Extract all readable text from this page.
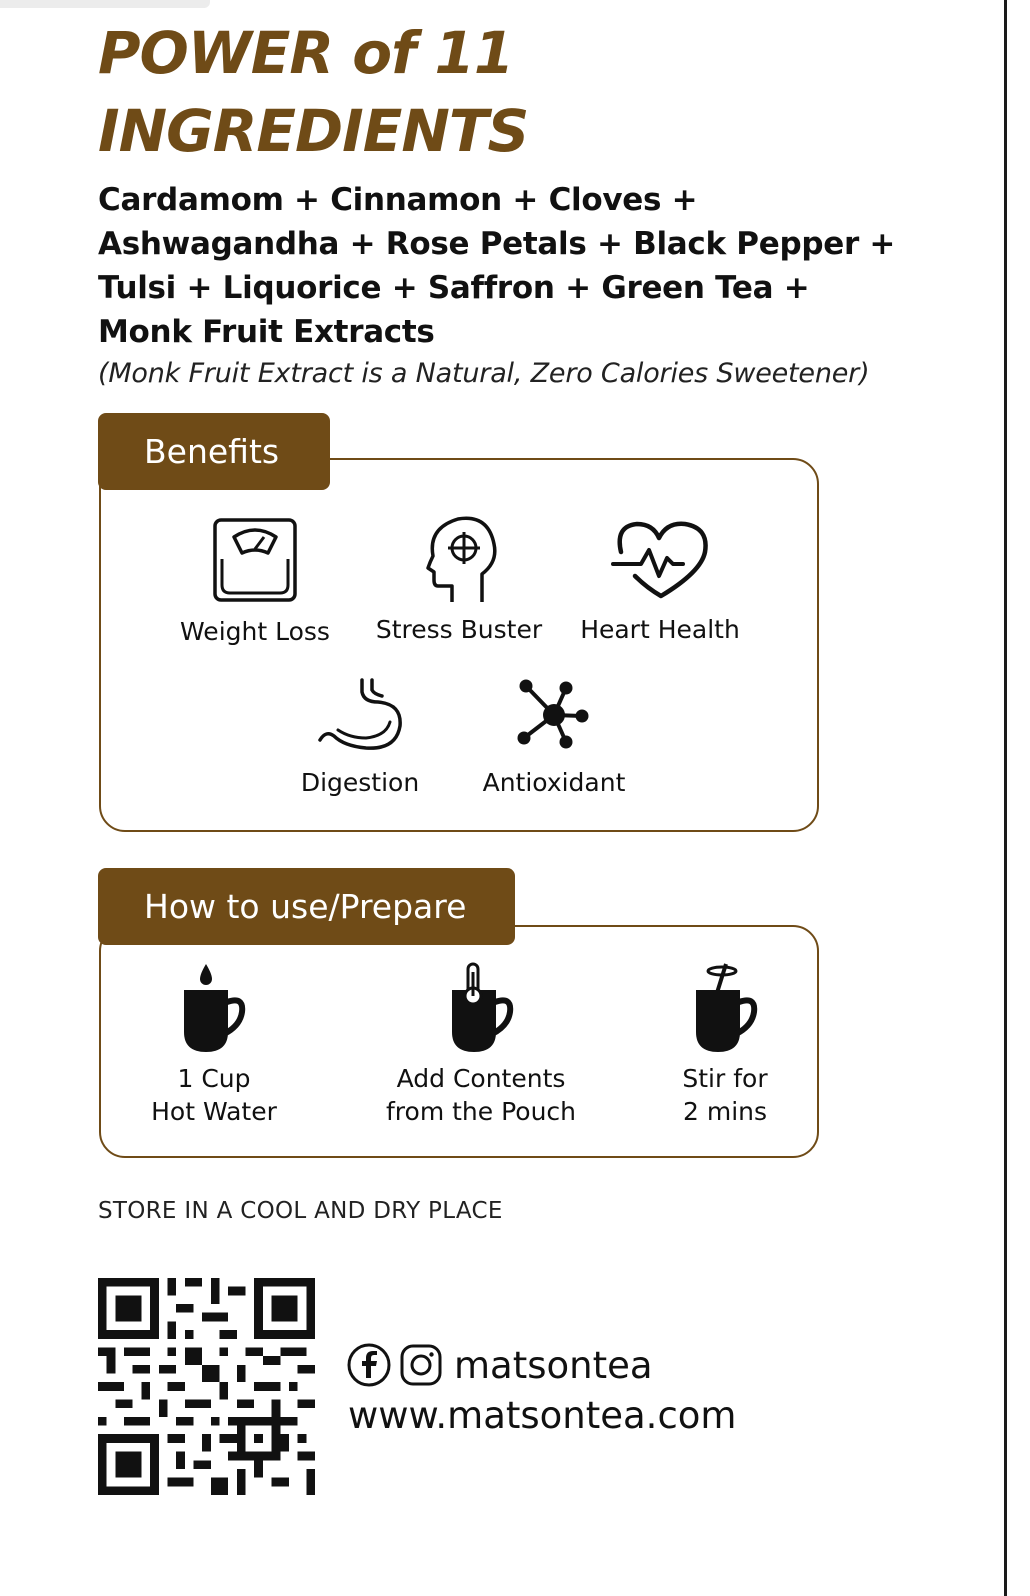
POWER of 11
INGREDIENTS
Cardamom + Cinnamon + Cloves +
Ashwagandha + Rose Petals + Black Pepper +
Tulsi + Liquorice + Saffron + Green Tea +
Monk Fruit Extracts
(Monk Fruit Extract is a Natural, Zero Calories Sweetener)
Benefits
Weight Loss Stress Buster Heart Health
Digestion	Antioxidant
How to use/Prepare
1 Cup
Hot Water
Add Contents
from the Pouch
Stir for
2 mins
STORE IN A COOL AND DRY PLACE
matsontea
www.matsontea.com
